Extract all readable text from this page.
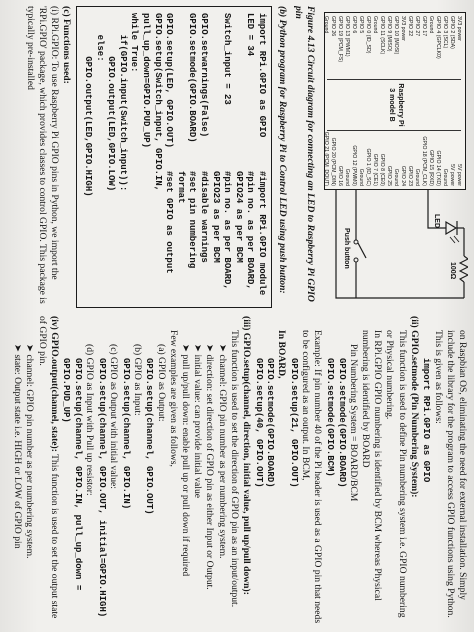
3V3 power
GPIO 2 (SDA)
GPIO 3 (SCL)
GPIO 4 (GPCLK0)
Ground
GPIO 17
GPIO 27
GPIO 22
3V3 power
GPIO 10 (MOSI)
GPIO 9 (MISO)
GPIO 11 (SCLK)
Ground
GPIO 0 (ID_SD)
GPIO 5
GPIO 6
GPIO 13 (PWM1)
GPIO 19 (PCM_FS)
GPIO 26
Ground
5V power
5V power
Ground
GPIO 14 (TXD)
GPIO 15 (RXD)
GPIO 18 (PCM_CLK)
Ground
GPIO 23
GPIO 24
Ground
GPIO 25
GPIO 8 (CE0)
GPIO 7 (CE1)
GPIO 1 (ID_SC)
Ground
GPIO 12 (PWM0)
Ground
GPIO 16
GPIO 20 (PCM_DIN)
GPIO 21 (PCM_DOUT)
Raspberry Pi 3 model B
LED
100Ω
Push button

Figure 4.13 Circuit diagram for connecting an LED to Raspberry Pi GPIO pin

(b) Python program for Raspberry Pi to Control LED using push button:

import RPi.GPIO as GPIO
#import RPi.GPIO module
LED = 34
#pin no. as per BOARD, GPIO24 as per BCM
Switch_input = 23
#pin no. as per BOARD, GPIO23 as per BCM
GPIO.setwarnings(False)
#disable warnings
GPIO.setmode(GPIO.BOARD)
#set pin numbering format
GPIO.setup(LED, GPIO.OUT)
#set GPIO as output
GPIO.setup(Switch_input, GPIO.IN,
pull_up_down=GPIO.PUD_UP)
while True:
if(GPIO.input(Switch_input)):
GPIO.output(LED,GPIO.LOW)
else:
GPIO.output(LED,GPIO.HIGH)

(c) Functions used:

(i) RPi.GPIO: To use Raspberry Pi GPIO pins in Python, we import the 'RPi.GPIO' package, which provides classes to control GPIO. This package is typically pre-installed

on Raspbian OS, eliminating the need for external installation. Simply include the library for the program to access GPIO functions using Python.

This is given as follows:

import RPi.GPIO as GPIO

(ii) GPIO.setmode (Pin Numbering System):

This function is used to define Pin numbering system i.e. GPIO numbering or Physical numbering.

In RPi.GPIO GPIO numbering is identified by BCM whereas Physical numbering is identified by BOARD

Pin Numbering System = BOARD/BCM

GPIO.setmode(GPIO.BOARD)

GPIO.setmode(GPIO.BCM)

Example: If pin number 40 of the Pi header is used as a GPIO pin that needs to be configured as an output. In BCM,

GPIO.setup(21, GPIO.OUT)

In BOARD,

GPIO.setmode(GPIO.BOARD)

GPIO.setup(40, GPIO.OUT)

(iii) GPIO.setup(channel, direction, initial value, pull up/pull down):

This function is used to set the direction of GPIO pin as an input/output.

➤ channel: GPIO pin number as per numbering system.

➤ direction: set direction of GPIO pin as either Input or Output.

➤ initial value: can provide initial value

➤ pull up/pull down: enable pull up or pull down if required

Few examples are given as follows,

(a) GPIO as Output:

GPIO.setup(channel, GPIO.OUT)

(b) GPIO as Input:

GPIO.setup(channel, GPIO.IN)

(c) GPIO as Output with initial value:

GPIO.setup(channel, GPIO.OUT, initial=GPIO.HIGH)

(d) GPIO as Input with Pull up resistor:

GPIO.setup(channel, GPIO.IN, pull_up_down = GPIO.PUD_UP)

(iv) GPIO.output(channel, state): This function is used to set the output state of GPIO pin.

➤ channel: GPIO pin number as per numbering system.

➤ state: Output state i.e. HIGH or LOW of GPIO pin
